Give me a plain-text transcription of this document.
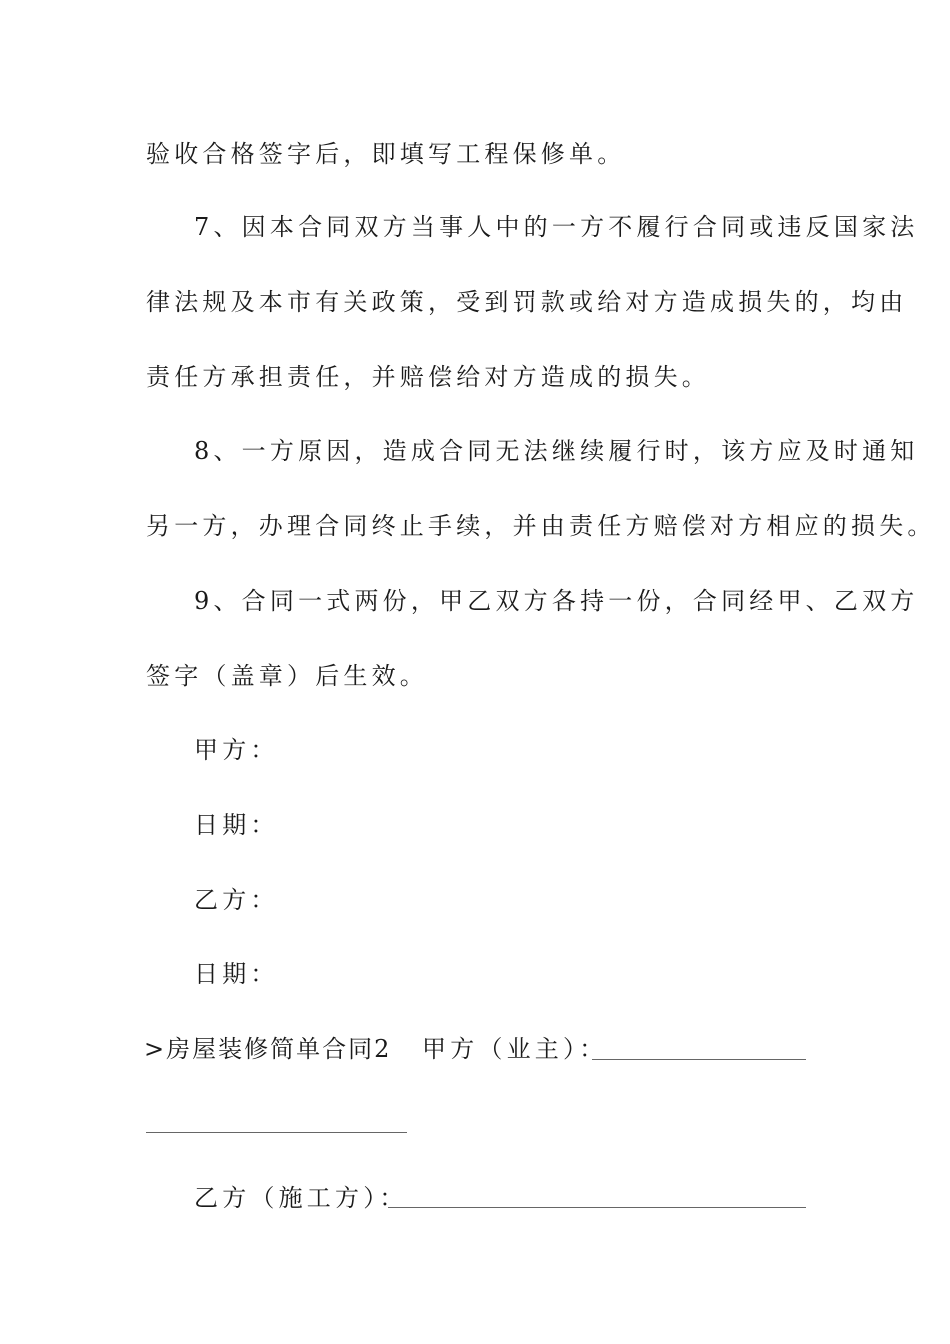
验收合格签字后，即填写工程保修单。
7、因本合同双方当事人中的一方不履行合同或违反国家法
律法规及本市有关政策，受到罚款或给对方造成损失的，均由
责任方承担责任，并赔偿给对方造成的损失。
8、一方原因，造成合同无法继续履行时，该方应及时通知
另一方，办理合同终止手续，并由责任方赔偿对方相应的损失。
9、合同一式两份，甲乙双方各持一份，合同经甲、乙双方
签字（盖章）后生效。
甲方：
日期：
乙方：
日期：
>房屋装修简单合同2 甲方（业主）：
乙方（施工方）：
